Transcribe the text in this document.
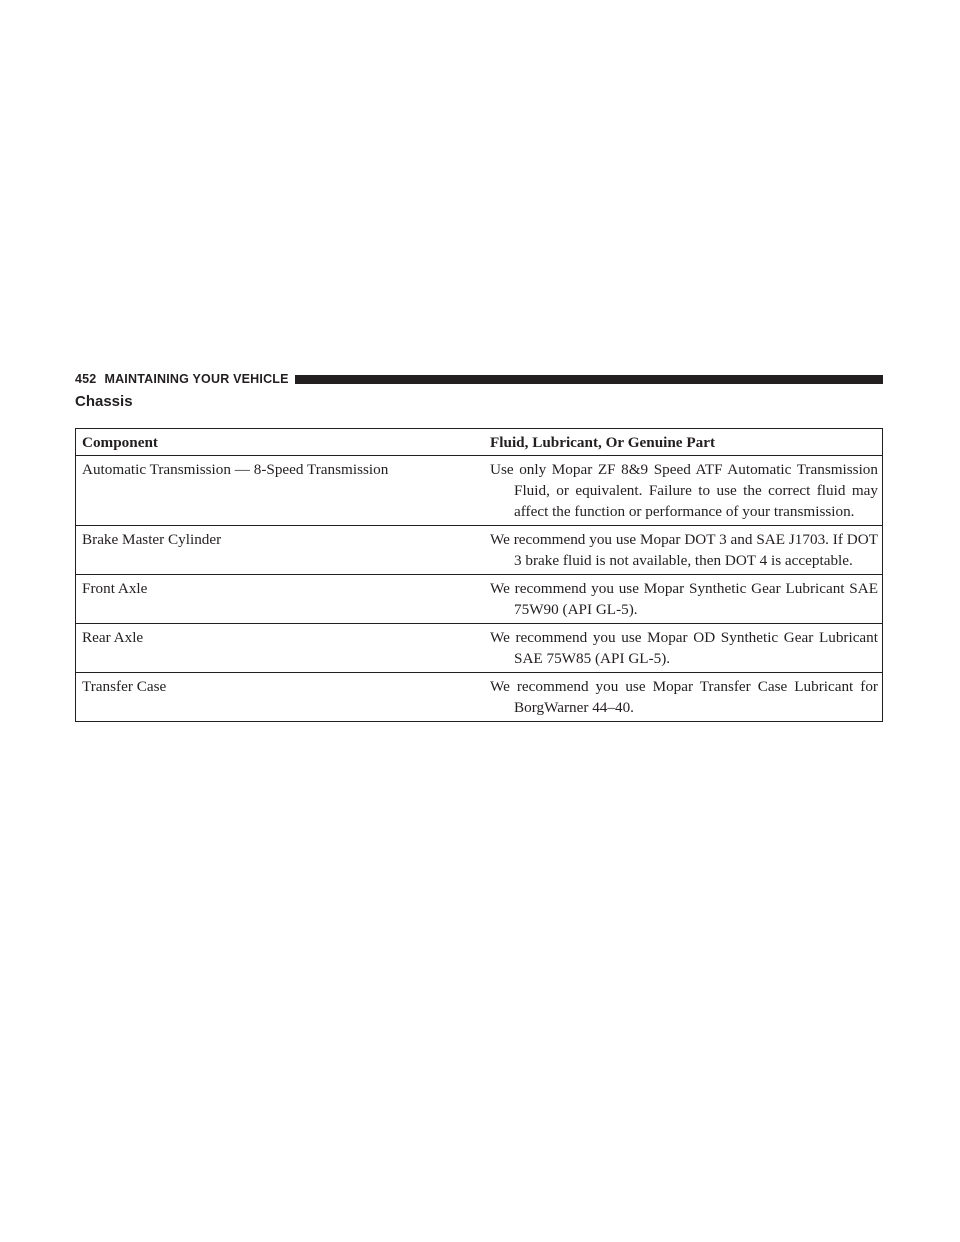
452 MAINTAINING YOUR VEHICLE
Chassis
Component	Fluid, Lubricant, Or Genuine Part
Automatic Transmission — 8-Speed Transmission	Use only Mopar ZF 8&9 Speed ATF Automatic Transmission Fluid, or equivalent. Failure to use the correct fluid may affect the function or performance of your transmission.

Brake Master Cylinder	We recommend you use Mopar DOT 3 and SAE J1703. If DOT 3 brake fluid is not available, then DOT 4 is acceptable.

Front Axle	We recommend you use Mopar Synthetic Gear Lubricant SAE 75W90 (API GL-5).

Rear Axle	We recommend you use Mopar OD Synthetic Gear Lubricant SAE 75W85 (API GL-5).

Transfer Case	We recommend you use Mopar Transfer Case Lubricant for BorgWarner 44–40.
